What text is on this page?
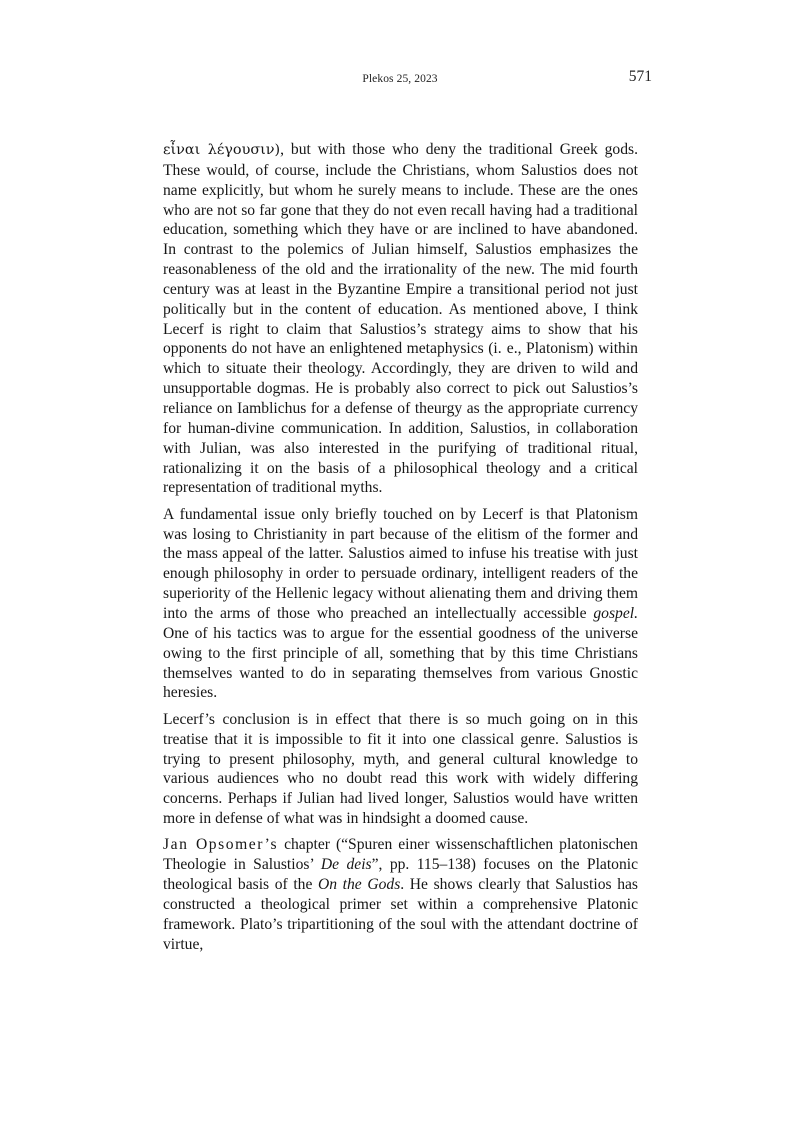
Plekos 25, 2023	571

εἶναι λέγουσιν), but with those who deny the traditional Greek gods. These would, of course, include the Christians, whom Salustios does not name explicitly, but whom he surely means to include. These are the ones who are not so far gone that they do not even recall having had a traditional education, something which they have or are inclined to have abandoned. In contrast to the polemics of Julian himself, Salustios emphasizes the reasonableness of the old and the irrationality of the new. The mid fourth century was at least in the Byzantine Empire a transitional period not just politically but in the content of education. As mentioned above, I think Lecerf is right to claim that Salustios’s strategy aims to show that his opponents do not have an enlightened metaphysics (i. e., Platonism) within which to situate their theology. Accordingly, they are driven to wild and unsupportable dogmas. He is probably also correct to pick out Salustios’s reliance on Iamblichus for a defense of theurgy as the appropriate currency for human-divine communication. In addition, Salustios, in collaboration with Julian, was also interested in the purifying of traditional ritual, rationalizing it on the basis of a philosophical theology and a critical representation of traditional myths.

A fundamental issue only briefly touched on by Lecerf is that Platonism was losing to Christianity in part because of the elitism of the former and the mass appeal of the latter. Salustios aimed to infuse his treatise with just enough philosophy in order to persuade ordinary, intelligent readers of the superiority of the Hellenic legacy without alienating them and driving them into the arms of those who preached an intellectually accessible gospel. One of his tactics was to argue for the essential goodness of the universe owing to the first principle of all, something that by this time Christians themselves wanted to do in separating themselves from various Gnostic heresies.

Lecerf’s conclusion is in effect that there is so much going on in this treatise that it is impossible to fit it into one classical genre. Salustios is trying to present philosophy, myth, and general cultural knowledge to various audiences who no doubt read this work with widely differing concerns. Perhaps if Julian had lived longer, Salustios would have written more in defense of what was in hindsight a doomed cause.

Jan Opsomer’s chapter (“Spuren einer wissenschaftlichen platonischen Theologie in Salustios’ De deis”, pp. 115–138) focuses on the Platonic theological basis of the On the Gods. He shows clearly that Salustios has constructed a theological primer set within a comprehensive Platonic framework. Plato’s tripartitioning of the soul with the attendant doctrine of virtue,
